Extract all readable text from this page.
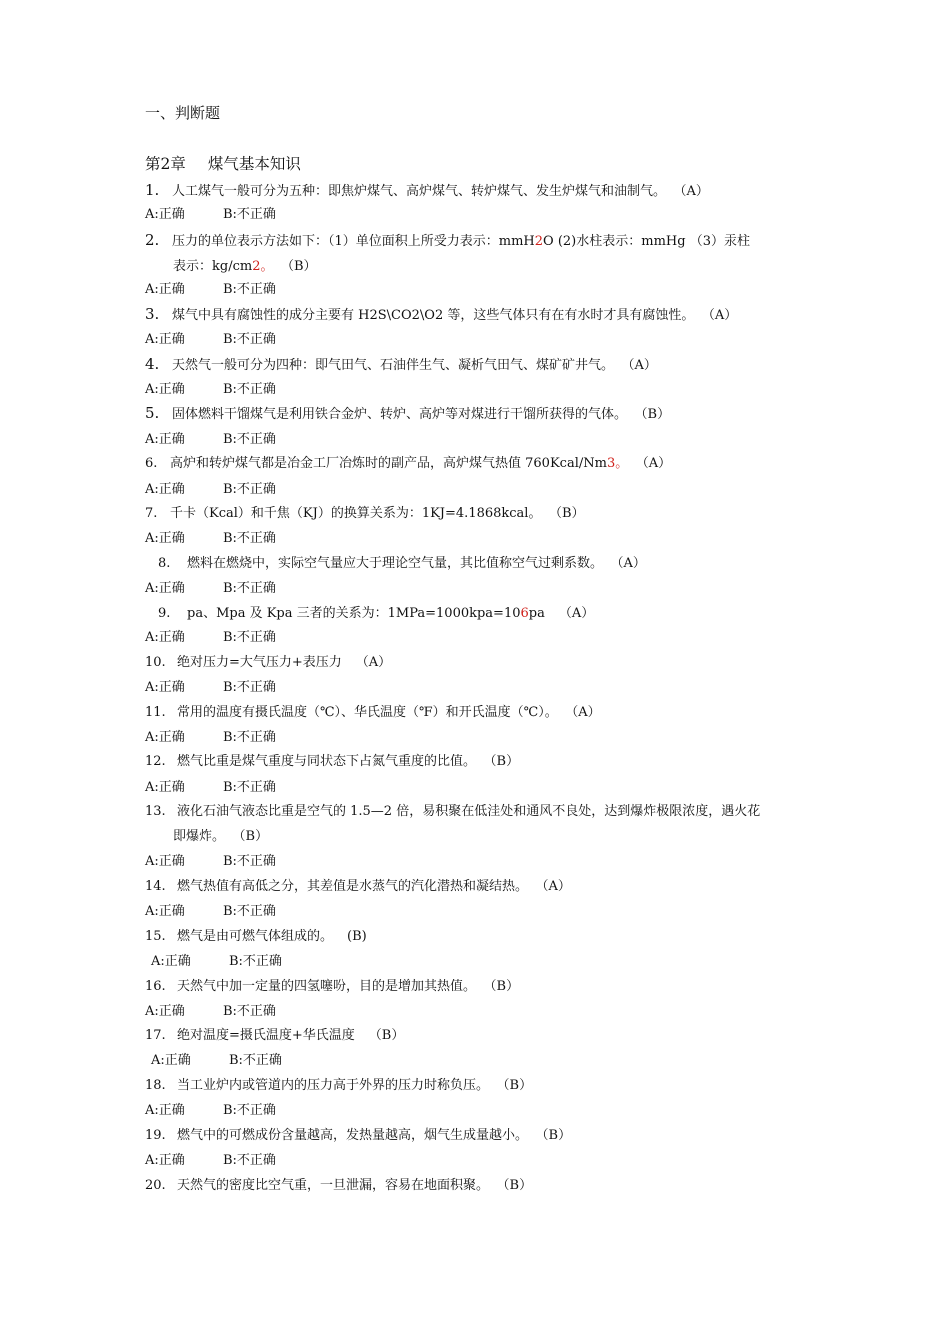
一、判断题
第2章 煤气基本知识
1. 人工煤气一般可分为五种：即焦炉煤气、高炉煤气、转炉煤气、发生炉煤气和油制气。 （A）
A:正确	B:不正确
2. 压力的单位表示方法如下：（1）单位面积上所受力表示：mmH2O (2)水柱表示：mmHg （3）汞柱
表示：kg/cm2。 （B）
A:正确	B:不正确
3. 煤气中具有腐蚀性的成分主要有 H2S\CO2\O2 等，这些气体只有在有水时才具有腐蚀性。 （A）
A:正确	B:不正确
4. 天然气一般可分为四种：即气田气、石油伴生气、凝析气田气、煤矿矿井气。 （A）
A:正确	B:不正确
5. 固体燃料干馏煤气是利用铁合金炉、转炉、高炉等对煤进行干馏所获得的气体。 （B）
A:正确	B:不正确
6. 高炉和转炉煤气都是冶金工厂冶炼时的副产品，高炉煤气热值 760Kcal/Nm3。 （A）
A:正确	B:不正确
7. 千卡（Kcal）和千焦（KJ）的换算关系为：1KJ=4.1868kcal。 （B）
A:正确	B:不正确
8. 燃料在燃烧中，实际空气量应大于理论空气量，其比值称空气过剩系数。 （A）
A:正确	B:不正确
9. pa、Mpa 及 Kpa 三者的关系为：1MPa=1000kpa=106pa （A）
A:正确	B:不正确
10. 绝对压力=大气压力+表压力 （A）
A:正确	B:不正确
11. 常用的温度有摄氏温度（℃）、华氏温度（℉）和开氏温度（℃）。 （A）
A:正确	B:不正确
12. 燃气比重是煤气重度与同状态下占氮气重度的比值。 （B）
A:正确	B:不正确
13. 液化石油气液态比重是空气的 1.5—2 倍，易积聚在低洼处和通风不良处，达到爆炸极限浓度，遇火花
即爆炸。 （B）
A:正确	B:不正确
14. 燃气热值有高低之分，其差值是水蒸气的汽化潜热和凝结热。 （A）
A:正确	B:不正确
15. 燃气是由可燃气体组成的。 (B)
A:正确	B:不正确
16. 天然气中加一定量的四氢噻吩，目的是增加其热值。 （B）
A:正确	B:不正确
17. 绝对温度=摄氏温度+华氏温度 （B）
A:正确	B:不正确
18. 当工业炉内或管道内的压力高于外界的压力时称负压。 （B）
A:正确	B:不正确
19. 燃气中的可燃成份含量越高，发热量越高，烟气生成量越小。 （B）
A:正确	B:不正确
20. 天然气的密度比空气重，一旦泄漏，容易在地面积聚。 （B）
